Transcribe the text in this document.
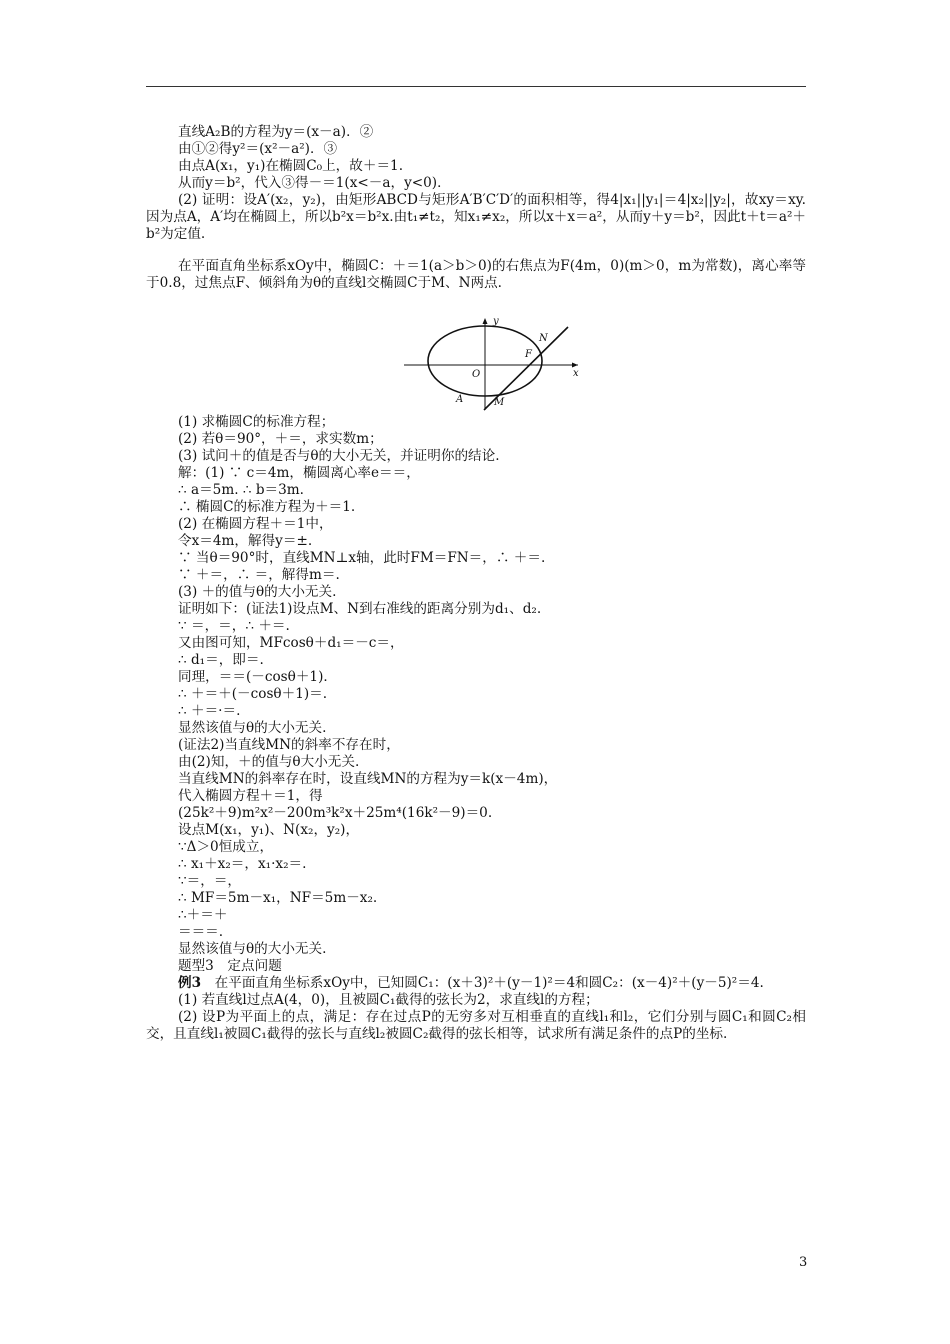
直线A₂B的方程为y＝(x－a)．②

由①②得y²＝(x²－a²)．③

由点A(x₁，y₁)在椭圆C₀上，故＋＝1.

从而y＝b²，代入③得－＝1(x<－a，y<0)．

(2) 证明：设A′(x₂，y₂)，由矩形ABCD与矩形A′B′C′D′的面积相等，得4|x₁||y₁|＝4|x₂||y₂|，故xy＝xy.因为点A，A′均在椭圆上，所以b²x＝b²x.由t₁≠t₂，知x₁≠x₂，所以x＋x＝a²，从而y＋y＝b²，因此t＋t＝a²＋b²为定值.

在平面直角坐标系xOy中，椭圆C：＋＝1(a＞b＞0)的右焦点为F(4m，0)(m＞0，m为常数)，离心率等于0.8，过焦点F、倾斜角为θ的直线l交椭圆C于M、N两点.

y
x
O
F
N
A	M

(1) 求椭圆C的标准方程；

(2) 若θ＝90°，＋＝，求实数m；

(3) 试问＋的值是否与θ的大小无关，并证明你的结论.

解：(1) ∵ c＝4m，椭圆离心率e＝＝，

∴ a＝5m. ∴ b＝3m.

∴ 椭圆C的标准方程为＋＝1.

(2) 在椭圆方程＋＝1中，

令x＝4m，解得y＝±.

∵ 当θ＝90°时，直线MN⊥x轴，此时FM＝FN＝，∴ ＋＝.

∵ ＋＝，∴ ＝，解得m＝.

(3) ＋的值与θ的大小无关.

证明如下：(证法1)设点M、N到右准线的距离分别为d₁、d₂.

∵ ＝，＝，∴ ＋＝.

又由图可知，MFcosθ＋d₁＝－c＝，

∴ d₁＝，即＝.

同理，＝＝(－cosθ＋1)．

∴ ＋＝＋(－cosθ＋1)＝.

∴ ＋＝·＝.

显然该值与θ的大小无关.

(证法2)当直线MN的斜率不存在时，

由(2)知，＋的值与θ大小无关.

当直线MN的斜率存在时，设直线MN的方程为y＝k(x－4m)，

代入椭圆方程＋＝1，得

(25k²＋9)m²x²－200m³k²x＋25m⁴(16k²－9)＝0.

设点M(x₁，y₁)、N(x₂，y₂)，

∵Δ＞0恒成立，

∴ x₁＋x₂＝，x₁·x₂＝.

∵＝，＝，

∴ MF＝5m－x₁，NF＝5m－x₂.

∴＋＝＋

＝＝＝.

显然该值与θ的大小无关.

题型3　定点问题

例3　在平面直角坐标系xOy中，已知圆C₁：(x＋3)²＋(y－1)²＝4和圆C₂：(x－4)²＋(y－5)²＝4.

(1) 若直线l过点A(4，0)，且被圆C₁截得的弦长为2，求直线l的方程；

(2) 设P为平面上的点，满足：存在过点P的无穷多对互相垂直的直线l₁和l₂，它们分别与圆C₁和圆C₂相交，且直线l₁被圆C₁截得的弦长与直线l₂被圆C₂截得的弦长相等，试求所有满足条件的点P的坐标.

3
